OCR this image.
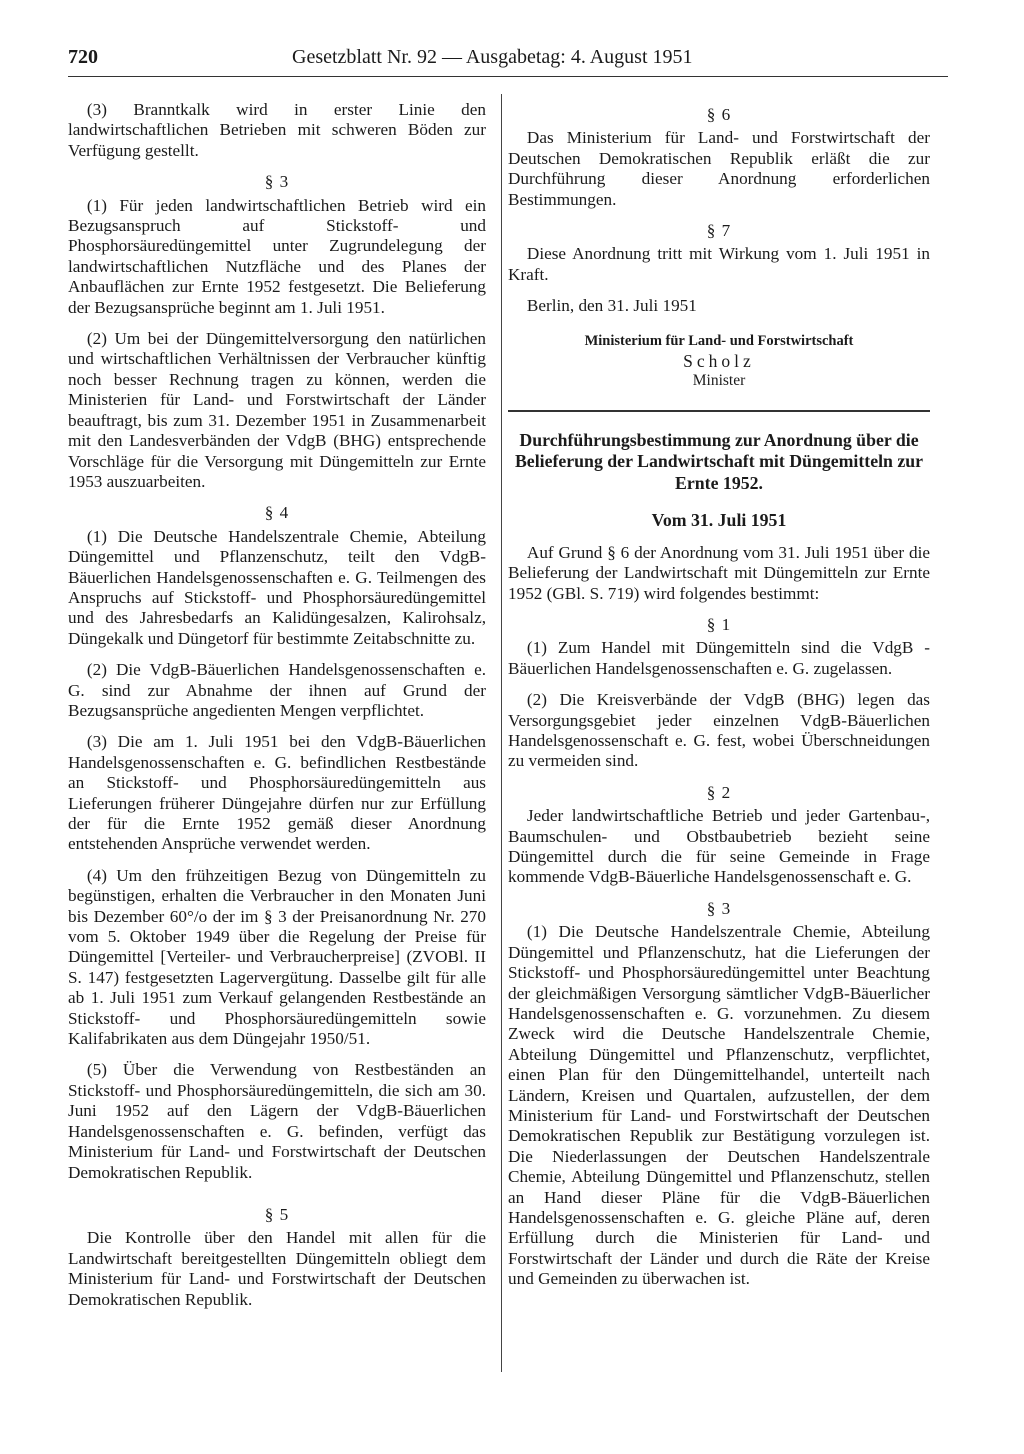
720	Gesetzblatt Nr. 92 — Ausgabetag: 4. August 1951

(3) Branntkalk wird in erster Linie den landwirtschaftlichen Betrieben mit schweren Böden zur Verfügung gestellt.

§ 3

(1) Für jeden landwirtschaftlichen Betrieb wird ein Bezugsanspruch auf Stickstoff- und Phosphorsäuredüngemittel unter Zugrundelegung der landwirtschaftlichen Nutzfläche und des Planes der Anbauflächen zur Ernte 1952 festgesetzt. Die Belieferung der Bezugsansprüche beginnt am 1. Juli 1951.

(2) Um bei der Düngemittelversorgung den natürlichen und wirtschaftlichen Verhältnissen der Verbraucher künftig noch besser Rechnung tragen zu können, werden die Ministerien für Land- und Forstwirtschaft der Länder beauftragt, bis zum 31. Dezember 1951 in Zusammenarbeit mit den Landesverbänden der VdgB (BHG) entsprechende Vorschläge für die Versorgung mit Düngemitteln zur Ernte 1953 auszuarbeiten.

§ 4

(1) Die Deutsche Handelszentrale Chemie, Abteilung Düngemittel und Pflanzenschutz, teilt den VdgB-Bäuerlichen Handelsgenossenschaften e. G. Teilmengen des Anspruchs auf Stickstoff- und Phosphorsäuredüngemittel und des Jahresbedarfs an Kalidüngesalzen, Kalirohsalz, Düngekalk und Düngetorf für bestimmte Zeitabschnitte zu.

(2) Die VdgB-Bäuerlichen Handelsgenossenschaften e. G. sind zur Abnahme der ihnen auf Grund der Bezugsansprüche angedienten Mengen verpflichtet.

(3) Die am 1. Juli 1951 bei den VdgB-Bäuerlichen Handelsgenossenschaften e. G. befindlichen Restbestände an Stickstoff- und Phosphorsäuredüngemitteln aus Lieferungen früherer Düngejahre dürfen nur zur Erfüllung der für die Ernte 1952 gemäß dieser Anordnung entstehenden Ansprüche verwendet werden.

(4) Um den frühzeitigen Bezug von Düngemitteln zu begünstigen, erhalten die Verbraucher in den Monaten Juni bis Dezember 60°/o der im § 3 der Preisanordnung Nr. 270 vom 5. Oktober 1949 über die Regelung der Preise für Düngemittel [Verteiler- und Verbraucherpreise] (ZVOBl. II S. 147) festgesetzten Lagervergütung. Dasselbe gilt für alle ab 1. Juli 1951 zum Verkauf gelangenden Restbestände an Stickstoff- und Phosphorsäuredüngemitteln sowie Kalifabrikaten aus dem Düngejahr 1950/51.

(5) Über die Verwendung von Restbeständen an Stickstoff- und Phosphorsäuredüngemitteln, die sich am 30. Juni 1952 auf den Lägern der VdgB-Bäuerlichen Handelsgenossenschaften e. G. befinden, verfügt das Ministerium für Land- und Forstwirtschaft der Deutschen Demokratischen Republik.

§ 5

Die Kontrolle über den Handel mit allen für die Landwirtschaft bereitgestellten Düngemitteln obliegt dem Ministerium für Land- und Forstwirtschaft der Deutschen Demokratischen Republik.

§ 6

Das Ministerium für Land- und Forstwirtschaft der Deutschen Demokratischen Republik erläßt die zur Durchführung dieser Anordnung erforderlichen Bestimmungen.

§ 7

Diese Anordnung tritt mit Wirkung vom 1. Juli 1951 in Kraft.

Berlin, den 31. Juli 1951

Ministerium für Land- und Forstwirtschaft
Scholz
Minister
Durchführungsbestimmung zur Anordnung über die Belieferung der Landwirtschaft mit Düngemitteln zur Ernte 1952.
Vom 31. Juli 1951

Auf Grund § 6 der Anordnung vom 31. Juli 1951 über die Belieferung der Landwirtschaft mit Düngemitteln zur Ernte 1952 (GBl. S. 719) wird folgendes bestimmt:

§ 1

(1) Zum Handel mit Düngemitteln sind die VdgB -Bäuerlichen Handelsgenossenschaften e. G. zugelassen.

(2) Die Kreisverbände der VdgB (BHG) legen das Versorgungsgebiet jeder einzelnen VdgB-Bäuerlichen Handelsgenossenschaft e. G. fest, wobei Überschneidungen zu vermeiden sind.

§ 2

Jeder landwirtschaftliche Betrieb und jeder Gartenbau-, Baumschulen- und Obstbaubetrieb bezieht seine Düngemittel durch die für seine Gemeinde in Frage kommende VdgB-Bäuerliche Handelsgenossenschaft e. G.

§ 3

(1) Die Deutsche Handelszentrale Chemie, Abteilung Düngemittel und Pflanzenschutz, hat die Lieferungen der Stickstoff- und Phosphorsäuredüngemittel unter Beachtung der gleichmäßigen Versorgung sämtlicher VdgB-Bäuerlicher Handelsgenossenschaften e. G. vorzunehmen. Zu diesem Zweck wird die Deutsche Handelszentrale Chemie, Abteilung Düngemittel und Pflanzenschutz, verpflichtet, einen Plan für den Düngemittelhandel, unterteilt nach Ländern, Kreisen und Quartalen, aufzustellen, der dem Ministerium für Land- und Forstwirtschaft der Deutschen Demokratischen Republik zur Bestätigung vorzulegen ist. Die Niederlassungen der Deutschen Handelszentrale Chemie, Abteilung Düngemittel und Pflanzenschutz, stellen an Hand dieser Pläne für die VdgB-Bäuerlichen Handelsgenossenschaften e. G. gleiche Pläne auf, deren Erfüllung durch die Ministerien für Land- und Forstwirtschaft der Länder und durch die Räte der Kreise und Gemeinden zu überwachen ist.
